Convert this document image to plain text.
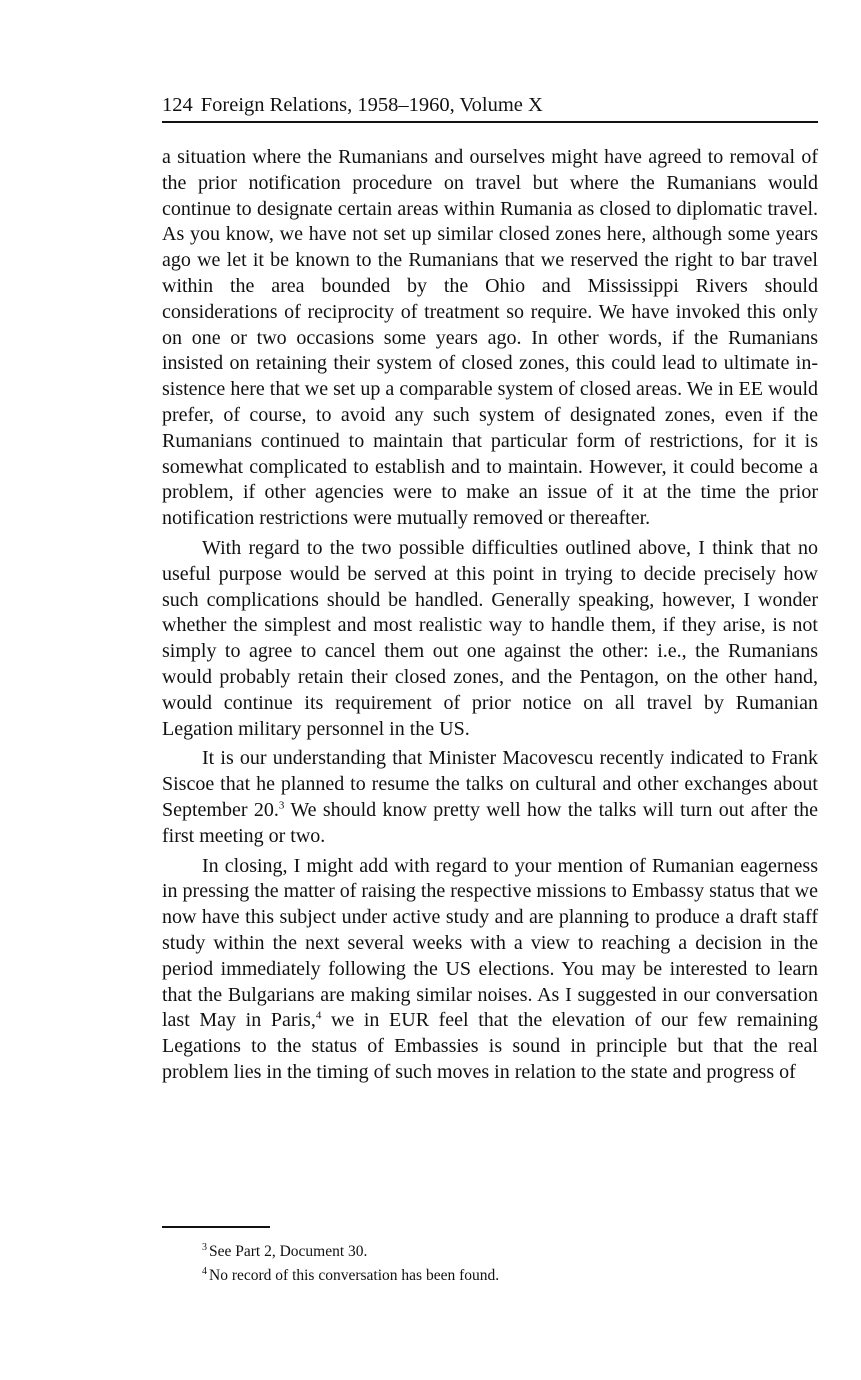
124 Foreign Relations, 1958–1960, Volume X

a situation where the Rumanians and ourselves might have agreed to removal of the prior notification procedure on travel but where the Rumanians would continue to designate certain areas within Rumania as closed to diplomatic travel. As you know, we have not set up similar closed zones here, although some years ago we let it be known to the Rumanians that we reserved the right to bar travel within the area bounded by the Ohio and Mississippi Rivers should considerations of reciprocity of treatment so require. We have invoked this only on one or two occasions some years ago. In other words, if the Rumanians insisted on retaining their system of closed zones, this could lead to ultimate insistence here that we set up a comparable system of closed areas. We in EE would prefer, of course, to avoid any such system of designated zones, even if the Rumanians continued to maintain that particular form of restrictions, for it is somewhat complicated to establish and to maintain. However, it could become a problem, if other agencies were to make an issue of it at the time the prior notification restrictions were mutually removed or thereafter.

With regard to the two possible difficulties outlined above, I think that no useful purpose would be served at this point in trying to decide precisely how such complications should be handled. Generally speaking, however, I wonder whether the simplest and most realistic way to handle them, if they arise, is not simply to agree to cancel them out one against the other: i.e., the Rumanians would probably retain their closed zones, and the Pentagon, on the other hand, would continue its requirement of prior notice on all travel by Rumanian Legation military personnel in the US.

It is our understanding that Minister Macovescu recently indicated to Frank Siscoe that he planned to resume the talks on cultural and other exchanges about September 20.$^3$ We should know pretty well how the talks will turn out after the first meeting or two.

In closing, I might add with regard to your mention of Rumanian eagerness in pressing the matter of raising the respective missions to Embassy status that we now have this subject under active study and are planning to produce a draft staff study within the next several weeks with a view to reaching a decision in the period immediately following the US elections. You may be interested to learn that the Bulgarians are making similar noises. As I suggested in our conversation last May in Paris,$^4$ we in EUR feel that the elevation of our few remaining Legations to the status of Embassies is sound in principle but that the real problem lies in the timing of such moves in relation to the state and progress of

$^3$ See Part 2, Document 30.
$^4$ No record of this conversation has been found.
